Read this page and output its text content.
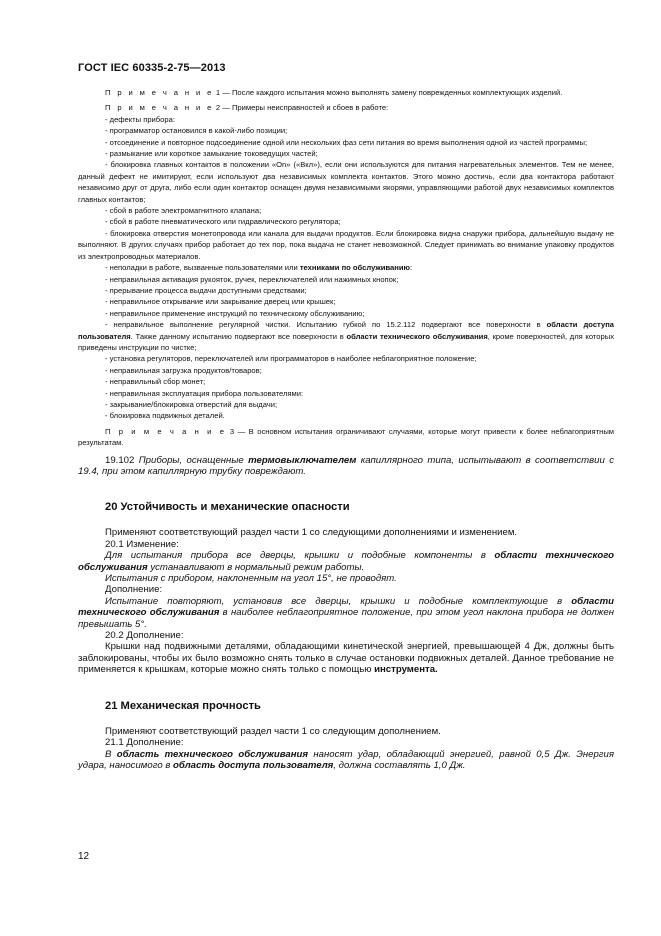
ГОСТ IEC 60335-2-75—2013

П р и м е ч а н и е 1 — После каждого испытания можно выполнять замену поврежденных комплектующих изделий.

П р и м е ч а н и е 2 — Примеры неисправностей и сбоев в работе:

- дефекты прибора:

- программатор остановился в какой-либо позиции;

- отсоединение и повторное подсоединение одной или нескольких фаз сети питания во время выполнения одной из частей программы;

- размыкание или короткое замыкание токоведущих частей;

- блокировка главных контактов в положении «On» («Вкл»), если они используются для питания нагревательных элементов. Тем не менее, данный дефект не имитируют, если используют два независимых комплекта контактов. Этого можно достичь, если два контактора работают независимо друг от друга, либо если один контактор оснащен двумя независимыми якорями, управляющими работой двух независимых комплектов главных контактов;

- сбой в работе электромагнитного клапана;

- сбой в работе пневматического или гидравлического регулятора;

- блокировка отверстия монетопровода или канала для выдачи продуктов. Если блокировка видна снаружи прибора, дальнейшую выдачу не выполняют. В других случаях прибор работает до тех пор, пока выдача не станет невозможной. Следует принимать во внимание упаковку продуктов из электропроводных материалов.

- неполадки в работе, вызванные пользователями или техниками по обслуживанию:

- неправильная активация рукояток, ручек, переключателей или нажимных кнопок;

- прерывание процесса выдачи доступными средствами;

- неправильное открывание или закрывание дверец или крышек;

- неправильное применение инструкций по техническому обслуживанию;

- неправильное выполнение регулярной чистки. Испытанию губкой по 15.2.112 подвергают все поверхности в области доступа пользователя. Также данному испытанию подвергают все поверхности в области технического обслуживания, кроме поверхностей, для которых приведены инструкции по чистке;

- установка регуляторов, переключателей или программаторов в наиболее неблагоприятное положение;

- неправильная загрузка продуктов/товаров;

- неправильный сбор монет;

- неправильная эксплуатация прибора пользователями:

- закрывание/блокировка отверстий для выдачи;

- блокировка подвижных деталей.

П р и м е ч а н и е 3 — В основном испытания ограничивают случаями, которые могут привести к более неблагоприятным результатам.

19.102 Приборы, оснащенные термовыключателем капиллярного типа, испытывают в соответствии с 19.4, при этом капиллярную трубку повреждают.

20 Устойчивость и механические опасности

Применяют соответствующий раздел части 1 со следующими дополнениями и изменением.

20.1 Изменение:

Для испытания прибора все дверцы, крышки и подобные компоненты в области технического обслуживания устанавливают в нормальный режим работы.

Испытания с прибором, наклоненным на угол 15°, не проводят.

Дополнение:

Испытание повторяют, установив все дверцы, крышки и подобные комплектующие в области технического обслуживания в наиболее неблагоприятное положение, при этом угол наклона прибора не должен превышать 5°.

20.2 Дополнение:

Крышки над подвижными деталями, обладающими кинетической энергией, превышающей 4 Дж, должны быть заблокированы, чтобы их было возможно снять только в случае остановки подвижных деталей. Данное требование не применяется к крышкам, которые можно снять только с помощью инструмента.

21 Механическая прочность

Применяют соответствующий раздел части 1 со следующим дополнением.

21.1 Дополнение:

В область технического обслуживания наносят удар, обладающий энергией, равной 0,5 Дж. Энергия удара, наносимого в область доступа пользователя, должна составлять 1,0 Дж.

12
